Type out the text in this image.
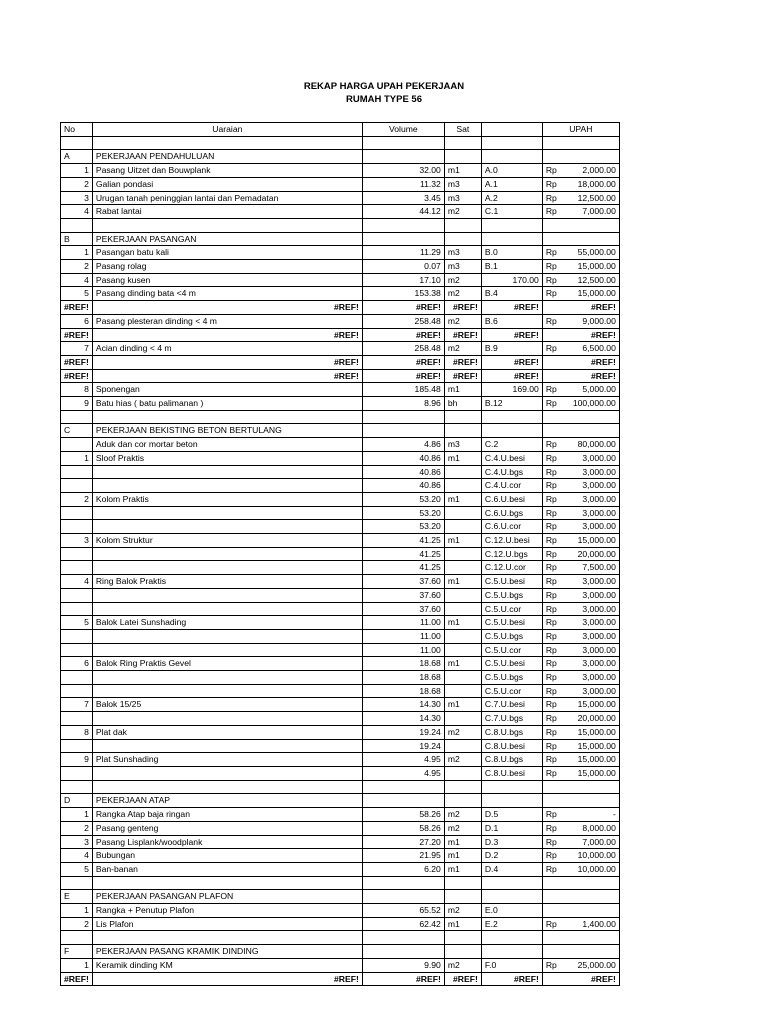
REKAP HARGA UPAH PEKERJAAN
RUMAH TYPE 56
No	Uaraian	Volume	Sat		UPAH	

A	PEKERJAAN PENDAHULUAN					
1	Pasang Uitzet dan Bouwplank	32.00	m1	A.0	Rp	2,000.00
2	Galian pondasi	11.32	m3	A.1	Rp	18,000.00
3	Urugan tanah peninggian lantai dan Pemadatan	3.45	m3	A.2	Rp	12,500.00
4	Rabat lantai	44.12	m2	C.1	Rp	7,000.00

B	PEKERJAAN PASANGAN					
1	Pasangan batu kali	11.29	m3	B.0	Rp	55,000.00
2	Pasang rolag	0.07	m3	B.1	Rp	15,000.00
4	Pasang kusen	17.10	m2	170.00	Rp	12,500.00
5	Pasang dinding bata <4 m	153.38	m2	B.4	Rp	15,000.00
#REF!	#REF!	#REF!	#REF!	#REF!	#REF!	
6	Pasang plesteran dinding < 4 m	258.48	m2	B.6	Rp	9,000.00
#REF!	#REF!	#REF!	#REF!	#REF!	#REF!	
7	Acian dinding < 4 m	258.48	m2	B.9	Rp	6,500.00
#REF!	#REF!	#REF!	#REF!	#REF!	#REF!	
#REF!	#REF!	#REF!	#REF!	#REF!	#REF!	
8	Sponengan	185.48	m1	169.00	Rp	5,000.00
9	Batu hias ( batu palimanan )	8.96	bh	B.12	Rp	100,000.00

C	PEKERJAAN BEKISTING BETON BERTULANG					
	Aduk dan cor mortar beton	4.86	m3	C.2	Rp	80,000.00
1	Sloof Praktis	40.86	m1	C.4.U.besi	Rp	3,000.00
		40.86		C.4.U.bgs	Rp	3,000.00
		40.86		C.4.U.cor	Rp	3,000.00
2	Kolom Praktis	53.20	m1	C.6.U.besi	Rp	3,000.00
		53.20		C.6.U.bgs	Rp	3,000.00
		53.20		C.6.U.cor	Rp	3,000.00
3	Kolom Struktur	41.25	m1	C.12.U.besi	Rp	15,000.00
		41.25		C.12.U.bgs	Rp	20,000.00
		41.25		C.12.U.cor	Rp	7,500.00
4	Ring Balok Praktis	37.60	m1	C.5.U.besi	Rp	3,000.00
		37.60		C.5.U.bgs	Rp	3,000.00
		37.60		C.5.U.cor	Rp	3,000.00
5	Balok Latei Sunshading	11.00	m1	C.5.U.besi	Rp	3,000.00
		11.00		C.5.U.bgs	Rp	3,000.00
		11.00		C.5.U.cor	Rp	3,000.00
6	Balok Ring Praktis Gevel	18.68	m1	C.5.U.besi	Rp	3,000.00
		18.68		C.5.U.bgs	Rp	3,000.00
		18.68		C.5.U.cor	Rp	3,000.00
7	Balok 15/25	14.30	m1	C.7.U.besi	Rp	15,000.00
		14.30		C.7.U.bgs	Rp	20,000.00
8	Plat dak	19.24	m2	C.8.U.bgs	Rp	15,000.00
		19.24		C.8.U.besi	Rp	15,000.00
9	Plat Sunshading	4.95	m2	C.8.U.bgs	Rp	15,000.00
		4.95		C.8.U.besi	Rp	15,000.00

D	PEKERJAAN ATAP					
1	Rangka Atap baja ringan	58.26	m2	D.5	Rp	-
2	Pasang genteng	58.26	m2	D.1	Rp	8,000.00
3	Pasang Lisplank/woodplank	27.20	m1	D.3	Rp	7,000.00
4	Bubungan	21.95	m1	D.2	Rp	10,000.00
5	Ban-banan	6.20	m1	D.4	Rp	10,000.00

E	PEKERJAAN PASANGAN PLAFON					
1	Rangka + Penutup Plafon	65.52	m2	E.0		
2	Lis Plafon	62.42	m1	E.2	Rp	1,400.00

F	PEKERJAAN PASANG KRAMIK DINDING					
1	Keramik dinding KM	9.90	m2	F.0	Rp	25,000.00
#REF!	#REF!	#REF!	#REF!	#REF!	#REF!	
